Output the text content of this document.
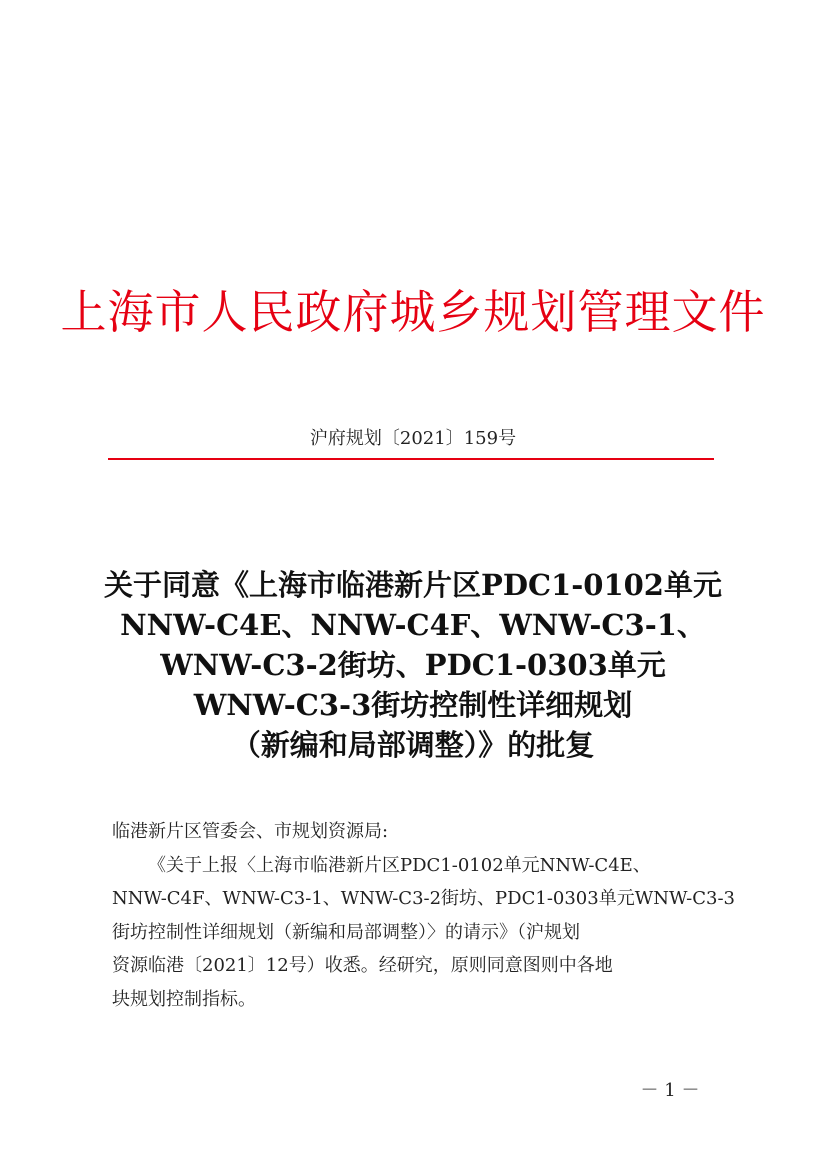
上海市人民政府城乡规划管理文件
沪府规划〔2021〕159号
关于同意《上海市临港新片区PDC1-0102单元
NNW-C4E、NNW-C4F、WNW-C3-1、
WNW-C3-2街坊、PDC1-0303单元
WNW-C3-3街坊控制性详细规划
（新编和局部调整）》的批复

临港新片区管委会、市规划资源局:

《关于上报〈上海市临港新片区PDC1-0102单元NNW-C4E、

NNW-C4F、WNW-C3-1、WNW-C3-2街坊、PDC1-0303单元WNW-C3-3

街坊控制性详细规划（新编和局部调整）〉的请示》（沪规划

资源临港〔2021〕12号）收悉。经研究，原则同意图则中各地

块规划控制指标。

－ 1 －
